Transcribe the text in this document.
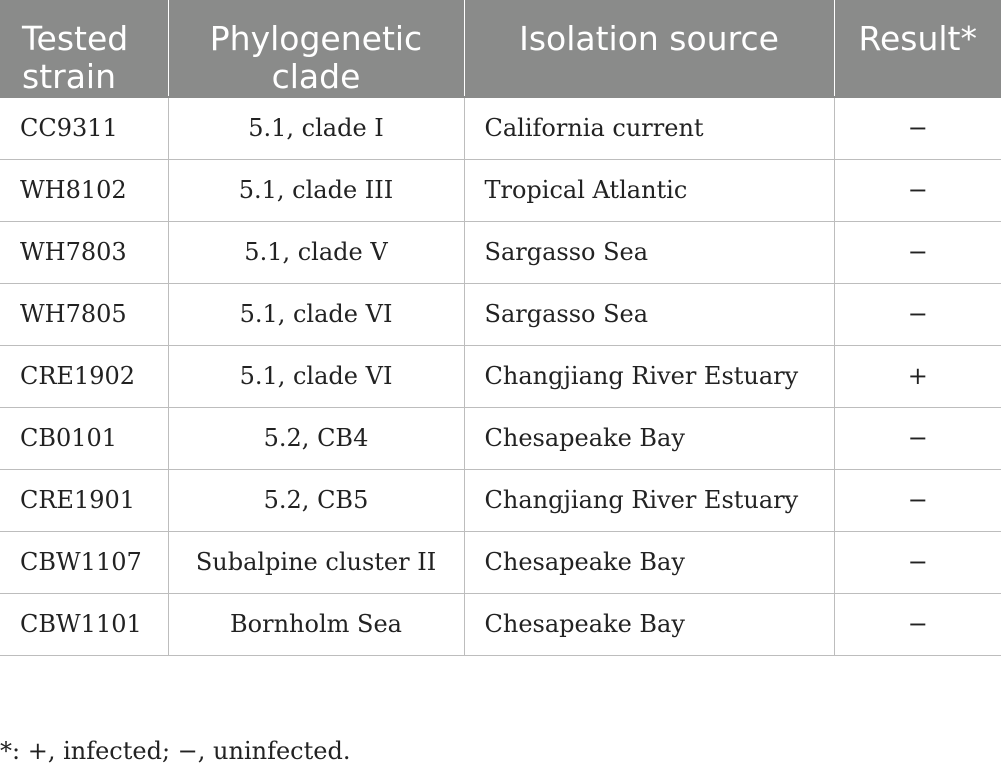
Tested strain	Phylogenetic clade	Isolation source	Result*
CC9311	5.1, clade I	California current	−
WH8102	5.1, clade III	Tropical Atlantic	−
WH7803	5.1, clade V	Sargasso Sea	−
WH7805	5.1, clade VI	Sargasso Sea	−
CRE1902	5.1, clade VI	Changjiang River Estuary	+
CB0101	5.2, CB4	Chesapeake Bay	−
CRE1901	5.2, CB5	Changjiang River Estuary	−
CBW1107	Subalpine cluster II	Chesapeake Bay	−
CBW1101	Bornholm Sea	Chesapeake Bay	−
*: +, infected; −, uninfected.
